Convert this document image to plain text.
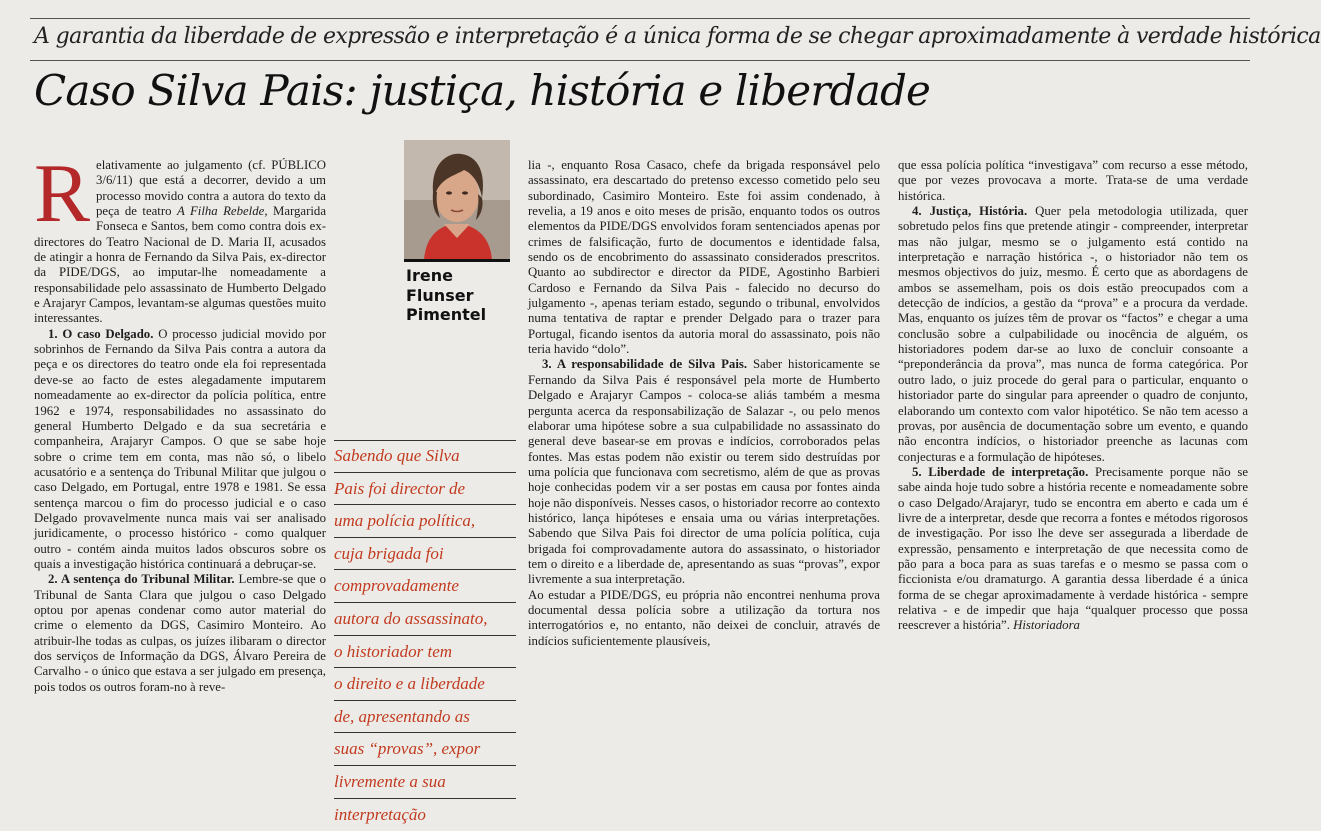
A garantia da liberdade de expressão e interpretação é a única forma de se chegar aproximadamente à verdade histórica
Caso Silva Pais: justiça, história e liberdade
R elativamente ao julgamento (cf. PÚBLICO 3/6/11) que está a decorrer, devido a um processo movido contra a autora do texto da peça de teatro A Filha Rebelde, Margarida Fonseca e Santos, bem como contra dois ex-directores do Teatro Nacional de D. Maria II, acusados de atingir a honra de Fernando da Silva Pais, ex-director da PIDE/DGS, ao imputar-lhe nomeadamente a responsabilidade pelo assassinato de Humberto Delgado e Arajaryr Campos, levantam-se algumas questões muito interessantes.

1. O caso Delgado. O processo judicial movido por sobrinhos de Fernando da Silva Pais contra a autora da peça e os directores do teatro onde ela foi representada deve-se ao facto de estes alegadamente imputarem nomeadamente ao ex-director da polícia política, entre 1962 e 1974, responsabilidades no assassinato do general Humberto Delgado e da sua secretária e companheira, Arajaryr Campos. O que se sabe hoje sobre o crime tem em conta, mas não só, o libelo acusatório e a sentença do Tribunal Militar que julgou o caso Delgado, em Portugal, entre 1978 e 1981. Se essa sentença marcou o fim do processo judicial e o caso Delgado provavelmente nunca mais vai ser analisado juridicamente, o processo histórico - como qualquer outro - contém ainda muitos lados obscuros sobre os quais a investigação histórica continuará a debruçar-se.

2. A sentença do Tribunal Militar. Lembre-se que o Tribunal de Santa Clara que julgou o caso Delgado optou por apenas condenar como autor material do crime o elemento da DGS, Casimiro Monteiro. Ao atribuir-lhe todas as culpas, os juízes ilibaram o director dos serviços de Informação da DGS, Álvaro Pereira de Carvalho - o único que estava a ser julgado em presença, pois todos os outros foram-no à reve-

Irene
Flunser
Pimentel
Sabendo que Silva
Pais foi director de
uma polícia política,
cuja brigada foi
comprovadamente
autora do assassinato,
o historiador tem
o direito e a liberdade
de, apresentando as
suas “provas”, expor
livremente a sua
interpretação

lia -, enquanto Rosa Casaco, chefe da brigada responsável pelo assassinato, era descartado do pretenso excesso cometido pelo seu subordinado, Casimiro Monteiro. Este foi assim condenado, à revelia, a 19 anos e oito meses de prisão, enquanto todos os outros elementos da PIDE/DGS envolvidos foram sentenciados apenas por crimes de falsificação, furto de documentos e identidade falsa, sendo os de encobrimento do assassinato considerados prescritos. Quanto ao subdirector e director da PIDE, Agostinho Barbieri Cardoso e Fernando da Silva Pais - falecido no decurso do julgamento -, apenas teriam estado, segundo o tribunal, envolvidos numa tentativa de raptar e prender Delgado para o trazer para Portugal, ficando isentos da autoria moral do assassinato, pois não teria havido “dolo”.

3. A responsabilidade de Silva Pais. Saber historicamente se Fernando da Silva Pais é responsável pela morte de Humberto Delgado e Arajaryr Campos - coloca-se aliás também a mesma pergunta acerca da responsabilização de Salazar -, ou pelo menos elaborar uma hipótese sobre a sua culpabilidade no assassinato do general deve basear-se em provas e indícios, corroborados pelas fontes. Mas estas podem não existir ou terem sido destruídas por uma polícia que funcionava com secretismo, além de que as provas hoje conhecidas podem vir a ser postas em causa por fontes ainda hoje não disponíveis. Nesses casos, o historiador recorre ao contexto histórico, lança hipóteses e ensaia uma ou várias interpretações. Sabendo que Silva Pais foi director de uma polícia política, cuja brigada foi comprovadamente autora do assassinato, o historiador tem o direito e a liberdade de, apresentando as suas “provas”, expor livremente a sua interpretação.

Ao estudar a PIDE/DGS, eu própria não encontrei nenhuma prova documental dessa polícia sobre a utilização da tortura nos interrogatórios e, no entanto, não deixei de concluir, através de indícios suficientemente plausíveis,

que essa polícia política “investigava” com recurso a esse método, que por vezes provocava a morte. Trata-se de uma verdade histórica.

4. Justiça, História. Quer pela metodologia utilizada, quer sobretudo pelos fins que pretende atingir - compreender, interpretar mas não julgar, mesmo se o julgamento está contido na interpretação e narração histórica -, o historiador não tem os mesmos objectivos do juiz, mesmo. É certo que as abordagens de ambos se assemelham, pois os dois estão preocupados com a detecção de indícios, a gestão da “prova” e a procura da verdade. Mas, enquanto os juízes têm de provar os “factos” e chegar a uma conclusão sobre a culpabilidade ou inocência de alguém, os historiadores podem dar-se ao luxo de concluir consoante a “preponderância da prova”, mas nunca de forma categórica. Por outro lado, o juiz procede do geral para o particular, enquanto o historiador parte do singular para apreender o quadro de conjunto, elaborando um contexto com valor hipotético. Se não tem acesso a provas, por ausência de documentação sobre um evento, e quando não encontra indícios, o historiador preenche as lacunas com conjecturas e a formulação de hipóteses.

5. Liberdade de interpretação. Precisamente porque não se sabe ainda hoje tudo sobre a história recente e nomeadamente sobre o caso Delgado/Arajaryr, tudo se encontra em aberto e cada um é livre de a interpretar, desde que recorra a fontes e métodos rigorosos de investigação. Por isso lhe deve ser assegurada a liberdade de expressão, pensamento e interpretação de que necessita como de pão para a boca para as suas tarefas e o mesmo se passa com o ficcionista e/ou dramaturgo. A garantia dessa liberdade é a única forma de se chegar aproximadamente à verdade histórica - sempre relativa - e de impedir que haja “qualquer processo que possa reescrever a história”. Historiadora
